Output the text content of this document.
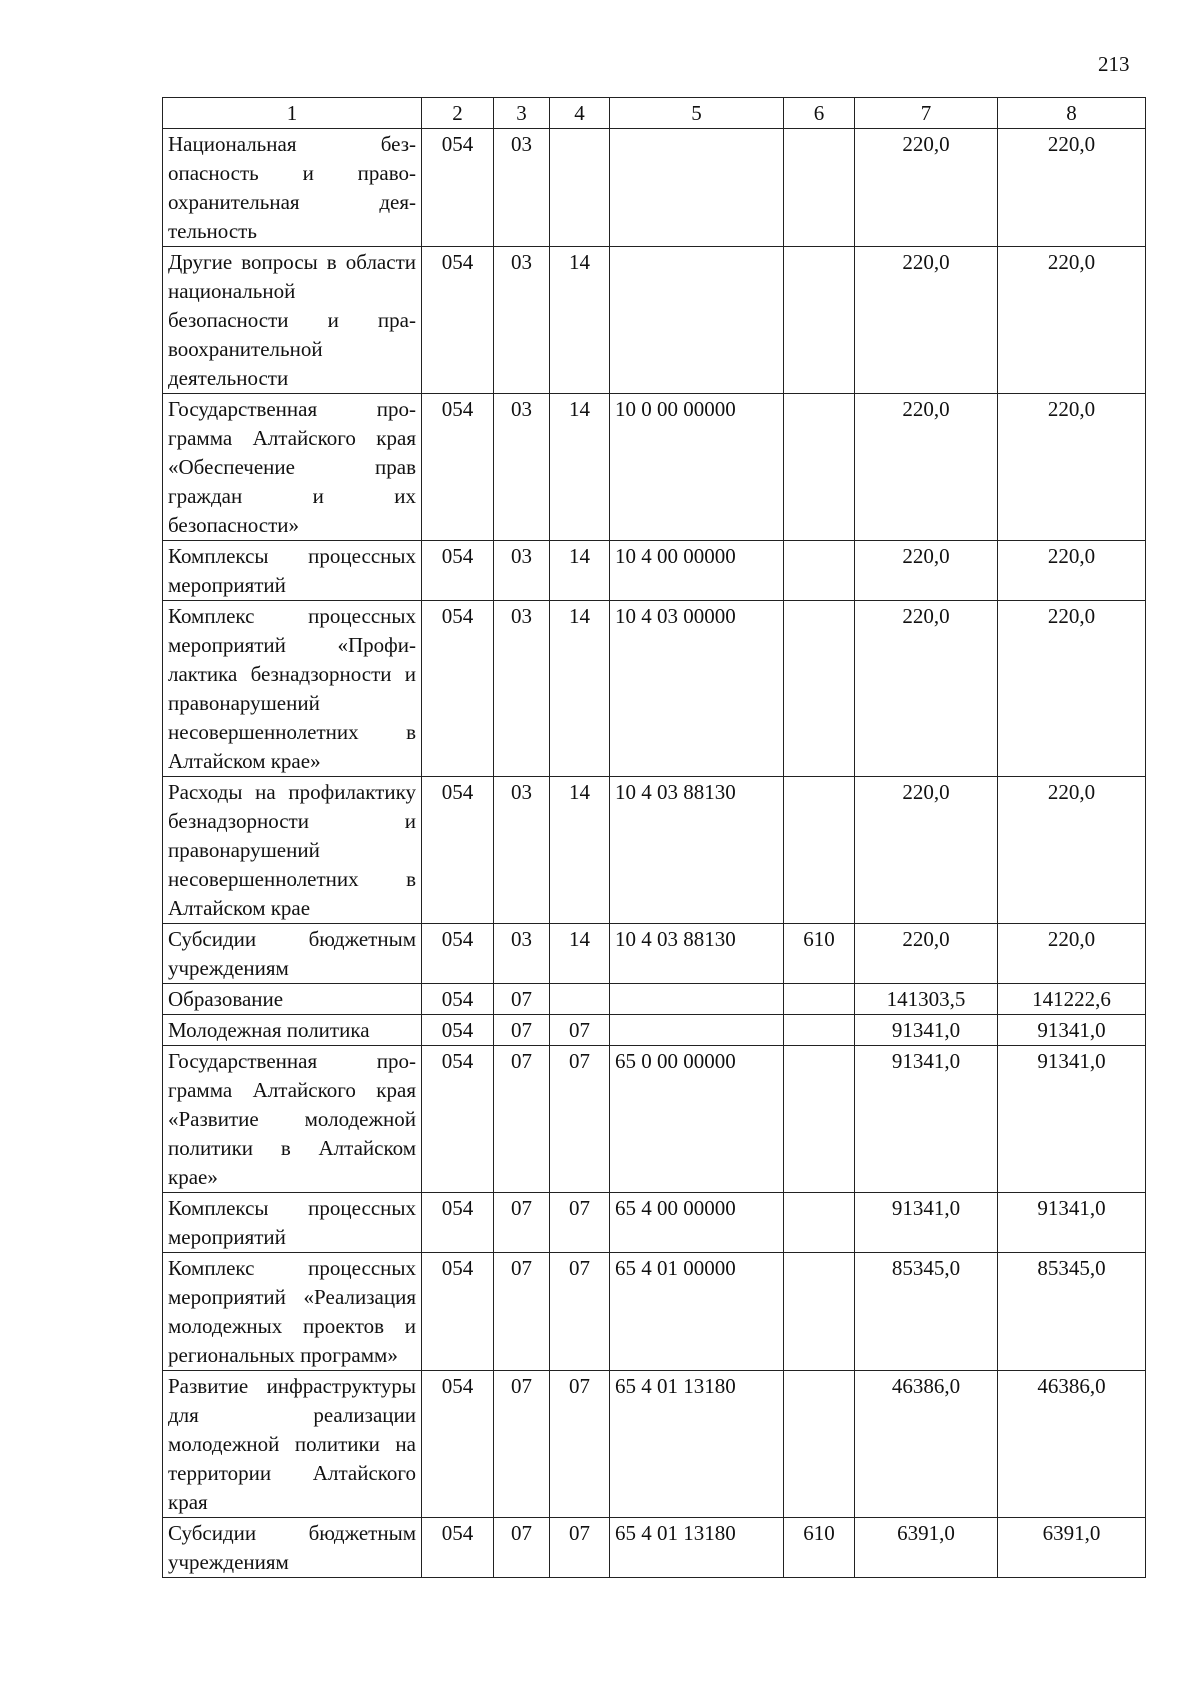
213
1	2	3	4	5	6	7	8
Национальная безопасность и правоохранительная деятельность	054	03				220,0	220,0
Другие вопросы в области национальной безопасности и правоохранительной деятельности	054	03	14			220,0	220,0
Государственная программа Алтайского края «Обеспечение прав граждан и их безопасности»	054	03	14	10 0 00 00000		220,0	220,0
Комплексы процессных мероприятий	054	03	14	10 4 00 00000		220,0	220,0
Комплекс процессных мероприятий «Профилактика безнадзорности и правонарушений несовершеннолетних в Алтайском крае»	054	03	14	10 4 03 00000		220,0	220,0
Расходы на профилактику безнадзорности и правонарушений несовершеннолетних в Алтайском крае	054	03	14	10 4 03 88130		220,0	220,0
Субсидии бюджетным учреждениям	054	03	14	10 4 03 88130	610	220,0	220,0
Образование	054	07				141303,5	141222,6
Молодежная политика	054	07	07			91341,0	91341,0
Государственная программа Алтайского края «Развитие молодежной политики в Алтайском крае»	054	07	07	65 0 00 00000		91341,0	91341,0
Комплексы процессных мероприятий	054	07	07	65 4 00 00000		91341,0	91341,0
Комплекс процессных мероприятий «Реализация молодежных проектов и региональных программ»	054	07	07	65 4 01 00000		85345,0	85345,0
Развитие инфраструктуры для реализации молодежной политики на территории Алтайского края	054	07	07	65 4 01 13180		46386,0	46386,0
Субсидии бюджетным учреждениям	054	07	07	65 4 01 13180	610	6391,0	6391,0
